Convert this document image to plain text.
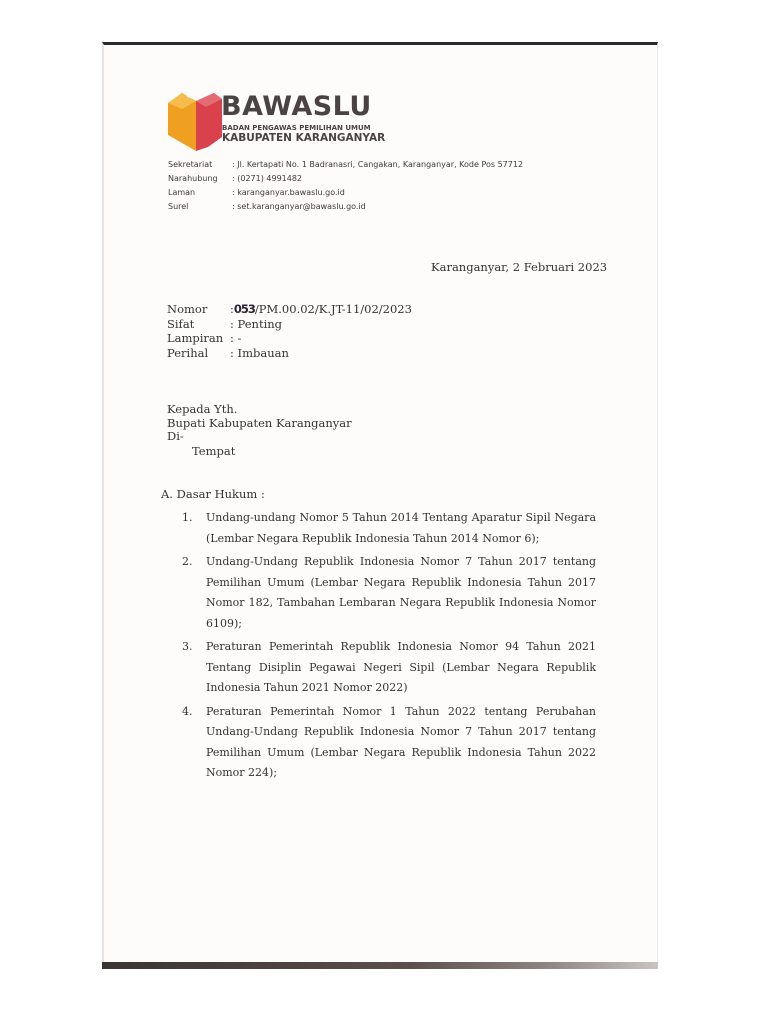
BAWASLU
BADAN PENGAWAS PEMILIHAN UMUM
KABUPATEN KARANGANYAR
Sekretariat	: Jl. Kertapati No. 1 Badranasri, Cangakan, Karanganyar, Kode Pos 57712
Narahubung	: (0271) 4991482
Laman	: karanganyar.bawaslu.go.id
Surel	: set.karanganyar@bawaslu.go.id
Karanganyar, 2 Februari 2023
Nomor	:053/PM.00.02/K.JT-11/02/2023
Sifat	: Penting
Lampiran : -
Perihal	: Imbauan
Kepada Yth.
Bupati Kabupaten Karanganyar
Di-
Tempat
A. Dasar Hukum :
1. Undang-undang Nomor 5 Tahun 2014 Tentang Aparatur Sipil Negara (Lembar Negara Republik Indonesia Tahun 2014 Nomor 6);
2. Undang-Undang Republik Indonesia Nomor 7 Tahun 2017 tentang Pemilihan Umum (Lembar Negara Republik Indonesia Tahun 2017 Nomor 182, Tambahan Lembaran Negara Republik Indonesia Nomor 6109);
3. Peraturan Pemerintah Republik Indonesia Nomor 94 Tahun 2021 Tentang Disiplin Pegawai Negeri Sipil (Lembar Negara Republik Indonesia Tahun 2021 Nomor 2022)
4. Peraturan Pemerintah Nomor 1 Tahun 2022 tentang Perubahan Undang-Undang Republik Indonesia Nomor 7 Tahun 2017 tentang Pemilihan Umum (Lembar Negara Republik Indonesia Tahun 2022 Nomor 224);
